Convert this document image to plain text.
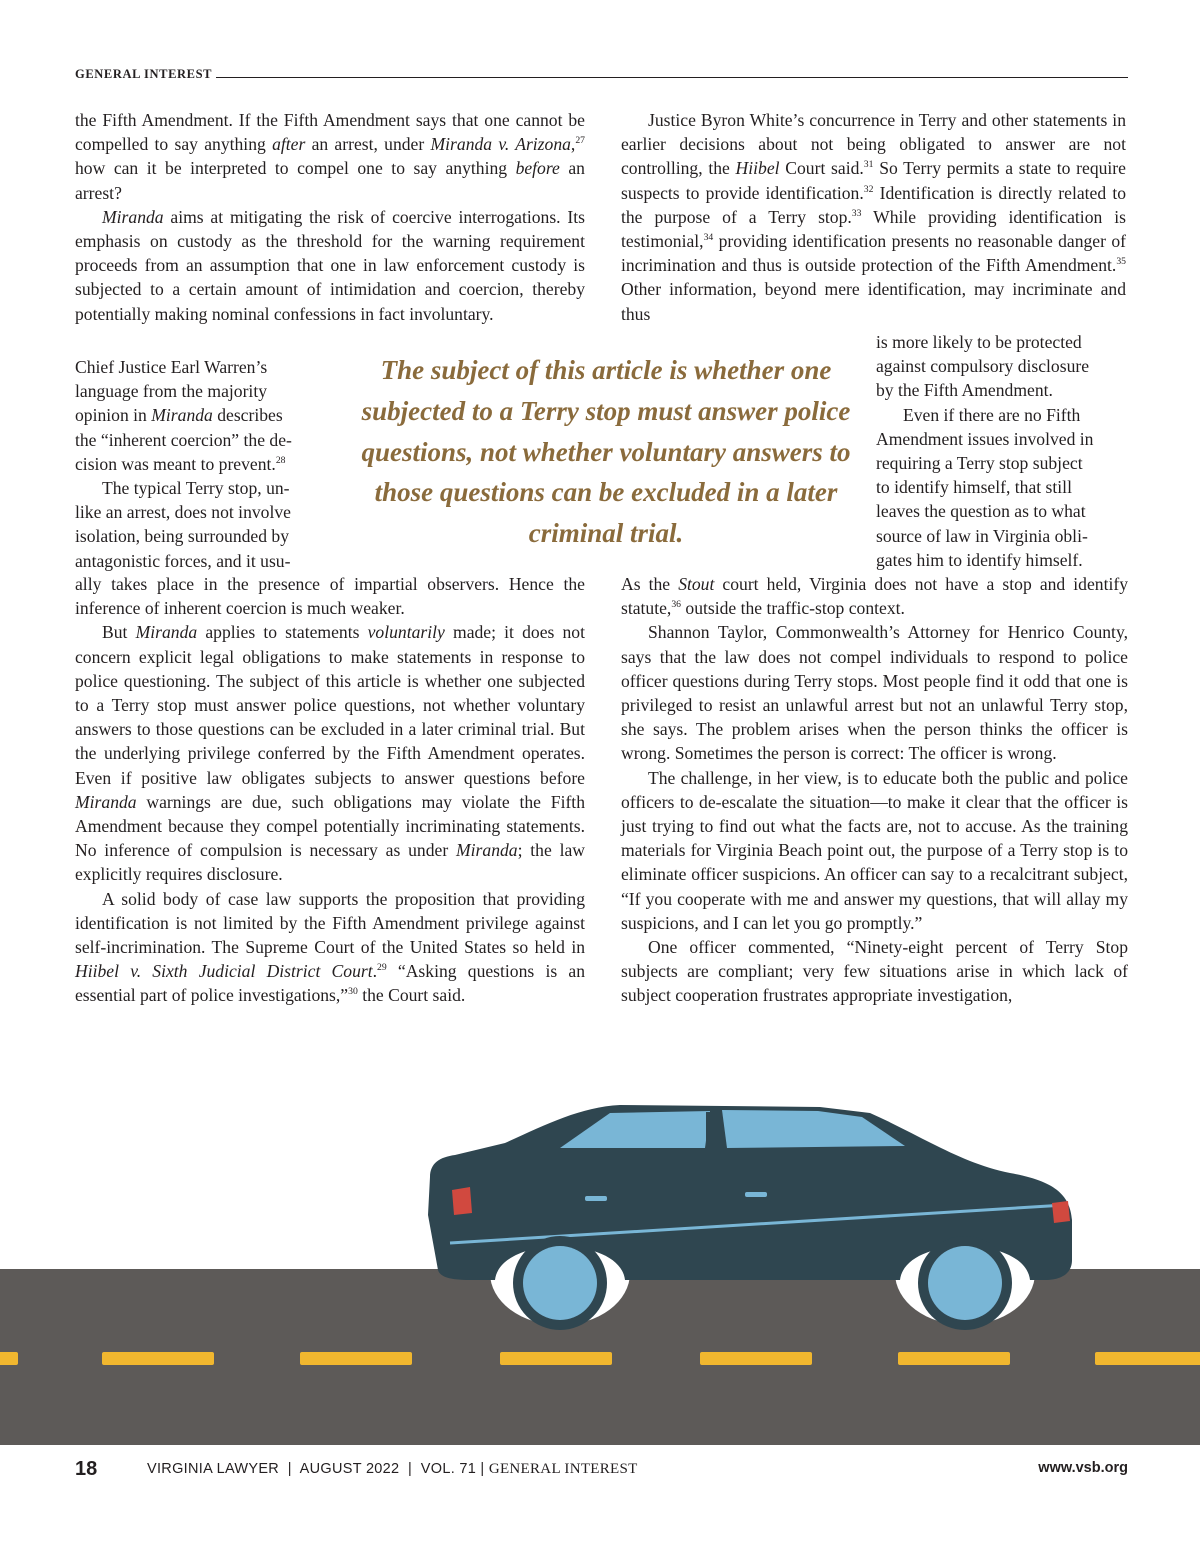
GENERAL INTEREST

the Fifth Amendment. If the Fifth Amendment says that one cannot be compelled to say anything after an arrest, under Miranda v. Arizona,$^{27}$ how can it be interpreted to compel one to say anything before an arrest?

Miranda aims at mitigating the risk of coercive interrogations. Its emphasis on custody as the threshold for the warning requirement proceeds from an assumption that one in law enforcement custody is subjected to a certain amount of intimidation and coercion, thereby potentially making nominal confessions in fact involuntary.

Chief Justice Earl Warren’s
language from the majority
opinion in Miranda describes
the “inherent coercion” the de-
cision was meant to prevent.$^{28}$
The typical Terry stop, un-
like an arrest, does not involve
isolation, being surrounded by
antagonistic forces, and it usu-

ally takes place in the presence of impartial observers. Hence the inference of inherent coercion is much weaker.

But Miranda applies to statements voluntarily made; it does not concern explicit legal obligations to make statements in response to police questioning. The subject of this article is whether one subjected to a Terry stop must answer police questions, not whether voluntary answers to those questions can be excluded in a later criminal trial. But the underlying privilege conferred by the Fifth Amendment operates. Even if positive law obligates subjects to answer questions before Miranda warnings are due, such obligations may violate the Fifth Amendment because they compel potentially incriminating statements. No inference of compulsion is necessary as under Miranda; the law explicitly requires disclosure.

A solid body of case law supports the proposition that providing identification is not limited by the Fifth Amendment privilege against self-incrimination. The Supreme Court of the United States so held in Hiibel v. Sixth Judicial District Court.$^{29}$ “Asking questions is an essential part of police investigations,”$^{30}$ the Court said.

The subject of this article is whether one subjected to a Terry stop must answer police questions, not whether voluntary answers to those questions can be excluded in a later criminal trial.

Justice Byron White’s concurrence in Terry and other statements in earlier decisions about not being obligated to answer are not controlling, the Hiibel Court said.$^{31}$ So Terry permits a state to require suspects to provide identification.$^{32}$ Identification is directly related to the purpose of a Terry stop.$^{33}$ While providing identification is testimonial,$^{34}$ providing identification presents no reasonable danger of incrimination and thus is outside protection of the Fifth Amendment.$^{35}$ Other information, beyond mere identification, may incriminate and thus

is more likely to be protected
against compulsory disclosure
by the Fifth Amendment.
Even if there are no Fifth
Amendment issues involved in
requiring a Terry stop subject
to identify himself, that still
leaves the question as to what
source of law in Virginia obli-
gates him to identify himself.

As the Stout court held, Virginia does not have a stop and identify statute,$^{36}$ outside the traffic-stop context.

Shannon Taylor, Commonwealth’s Attorney for Henrico County, says that the law does not compel individuals to respond to police officer questions during Terry stops. Most people find it odd that one is privileged to resist an unlawful arrest but not an unlawful Terry stop, she says. The problem arises when the person thinks the officer is wrong. Sometimes the person is correct: The officer is wrong.

The challenge, in her view, is to educate both the public and police officers to de-escalate the situation—to make it clear that the officer is just trying to find out what the facts are, not to accuse. As the training materials for Virginia Beach point out, the purpose of a Terry stop is to eliminate officer suspicions. An officer can say to a recalcitrant subject, “If you cooperate with me and answer my questions, that will allay my suspicions, and I can let you go promptly.”

One officer commented, “Ninety-eight percent of Terry Stop subjects are compliant; very few situations arise in which lack of subject cooperation frustrates appropriate investigation,

18	VIRGINIA LAWYER  |  AUGUST 2022  |  VOL. 71 | GENERAL INTEREST	www.vsb.org
